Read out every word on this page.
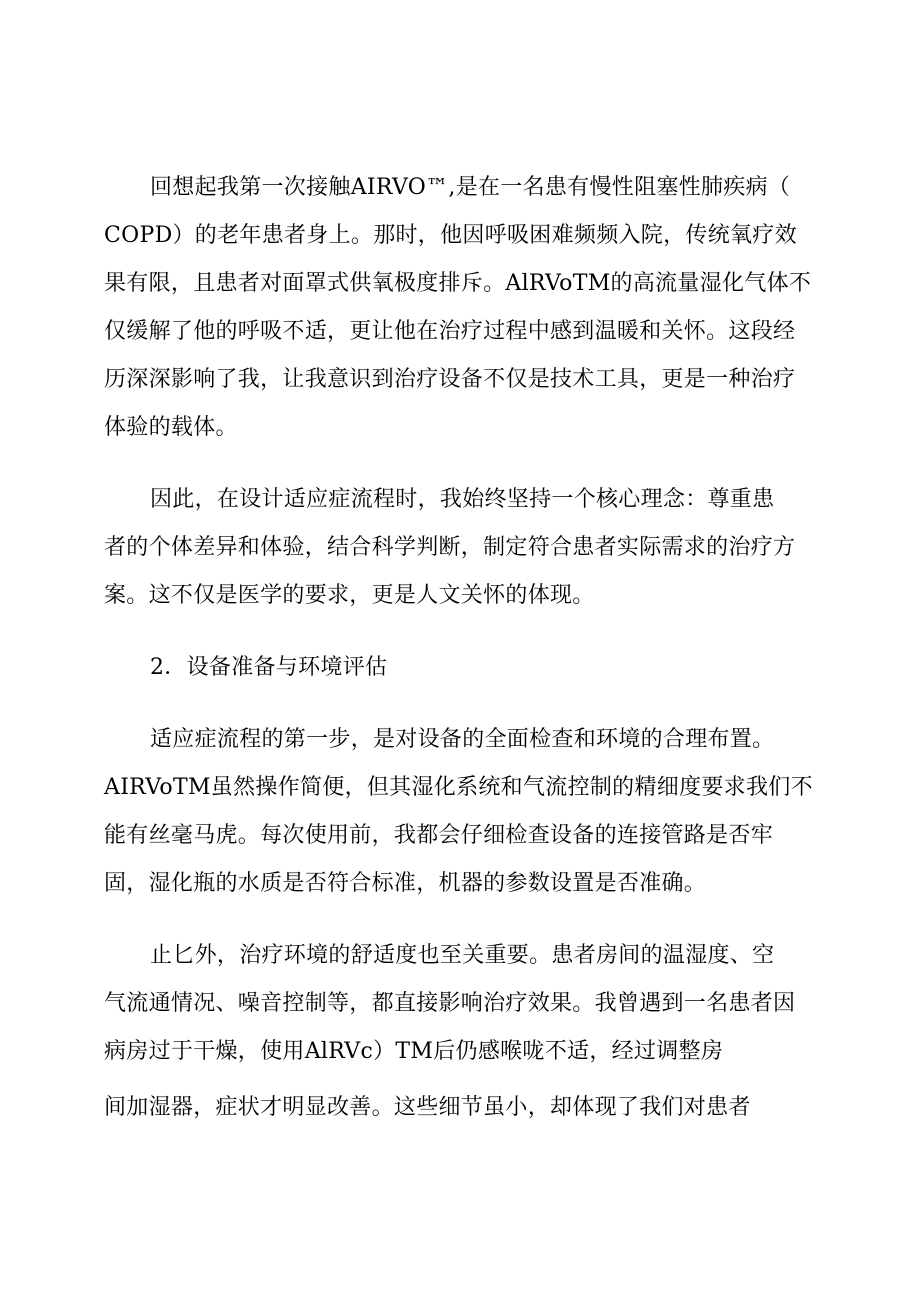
回想起我第一次接触AIRVO™,是在一名患有慢性阻塞性肺疾病（
COPD）的老年患者身上。那时，他因呼吸困难频频入院，传统氧疗效
果有限，且患者对面罩式供氧极度排斥。AlRVoTM的高流量湿化气体不
仅缓解了他的呼吸不适，更让他在治疗过程中感到温暖和关怀。这段经
历深深影响了我，让我意识到治疗设备不仅是技术工具，更是一种治疗
体验的载体。
因此，在设计适应症流程时，我始终坚持一个核心理念：尊重患
者的个体差异和体验，结合科学判断，制定符合患者实际需求的治疗方
案。这不仅是医学的要求，更是人文关怀的体现。
2．设备准备与环境评估
适应症流程的第一步，是对设备的全面检查和环境的合理布置。
AIRVoTM虽然操作简便，但其湿化系统和气流控制的精细度要求我们不
能有丝毫马虎。每次使用前，我都会仔细检查设备的连接管路是否牢
固，湿化瓶的水质是否符合标准，机器的参数设置是否准确。
止匕外，治疗环境的舒适度也至关重要。患者房间的温湿度、空
气流通情况、噪音控制等，都直接影响治疗效果。我曾遇到一名患者因
病房过于干燥，使用AlRVc）TM后仍感喉咙不适，经过调整房
间加湿器，症状才明显改善。这些细节虽小，却体现了我们对患者
